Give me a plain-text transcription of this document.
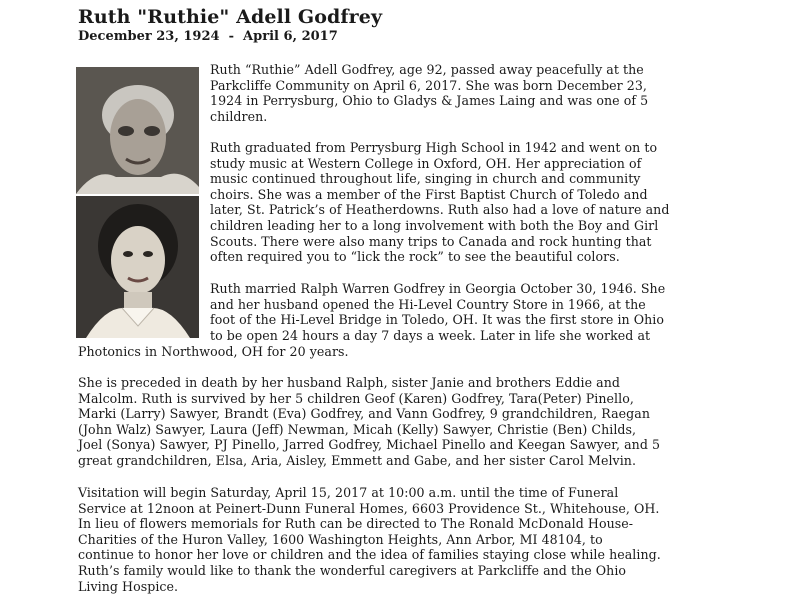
Ruth "Ruthie" Adell Godfrey
December 23, 1924  -  April 6, 2017

Ruth “Ruthie” Adell Godfrey, age 92, passed away peacefully at the
Parkcliffe Community on April 6, 2017. She was born December 23,
1924 in Perrysburg, Ohio to Gladys & James Laing and was one of 5
children.

Ruth graduated from Perrysburg High School in 1942 and went on to
study music at Western College in Oxford, OH. Her appreciation of
music continued throughout life, singing in church and community
choirs. She was a member of the First Baptist Church of Toledo and
later, St. Patrick’s of Heatherdowns. Ruth also had a love of nature and
children leading her to a long involvement with both the Boy and Girl
Scouts. There were also many trips to Canada and rock hunting that
often required you to “lick the rock” to see the beautiful colors.

Ruth married Ralph Warren Godfrey in Georgia October 30, 1946. She
and her husband opened the Hi-Level Country Store in 1966, at the
foot of the Hi-Level Bridge in Toledo, OH. It was the first store in Ohio
to be open 24 hours a day 7 days a week. Later in life she worked at

Photonics in Northwood, OH for 20 years.

She is preceded in death by her husband Ralph, sister Janie and brothers Eddie and
Malcolm. Ruth is survived by her 5 children Geof (Karen) Godfrey, Tara(Peter) Pinello,
Marki (Larry) Sawyer, Brandt (Eva) Godfrey, and Vann Godfrey, 9 grandchildren, Raegan
(John Walz) Sawyer, Laura (Jeff) Newman, Micah (Kelly) Sawyer, Christie (Ben) Childs,
Joel (Sonya) Sawyer, PJ Pinello, Jarred Godfrey, Michael Pinello and Keegan Sawyer, and 5
great grandchildren, Elsa, Aria, Aisley, Emmett and Gabe, and her sister Carol Melvin.

Visitation will begin Saturday, April 15, 2017 at 10:00 a.m. until the time of Funeral
Service at 12noon at Peinert-Dunn Funeral Homes, 6603 Providence St., Whitehouse, OH.
In lieu of flowers memorials for Ruth can be directed to The Ronald McDonald House-
Charities of the Huron Valley, 1600 Washington Heights, Ann Arbor, MI 48104, to
continue to honor her love or children and the idea of families staying close while healing.
Ruth’s family would like to thank the wonderful caregivers at Parkcliffe and the Ohio
Living Hospice.
